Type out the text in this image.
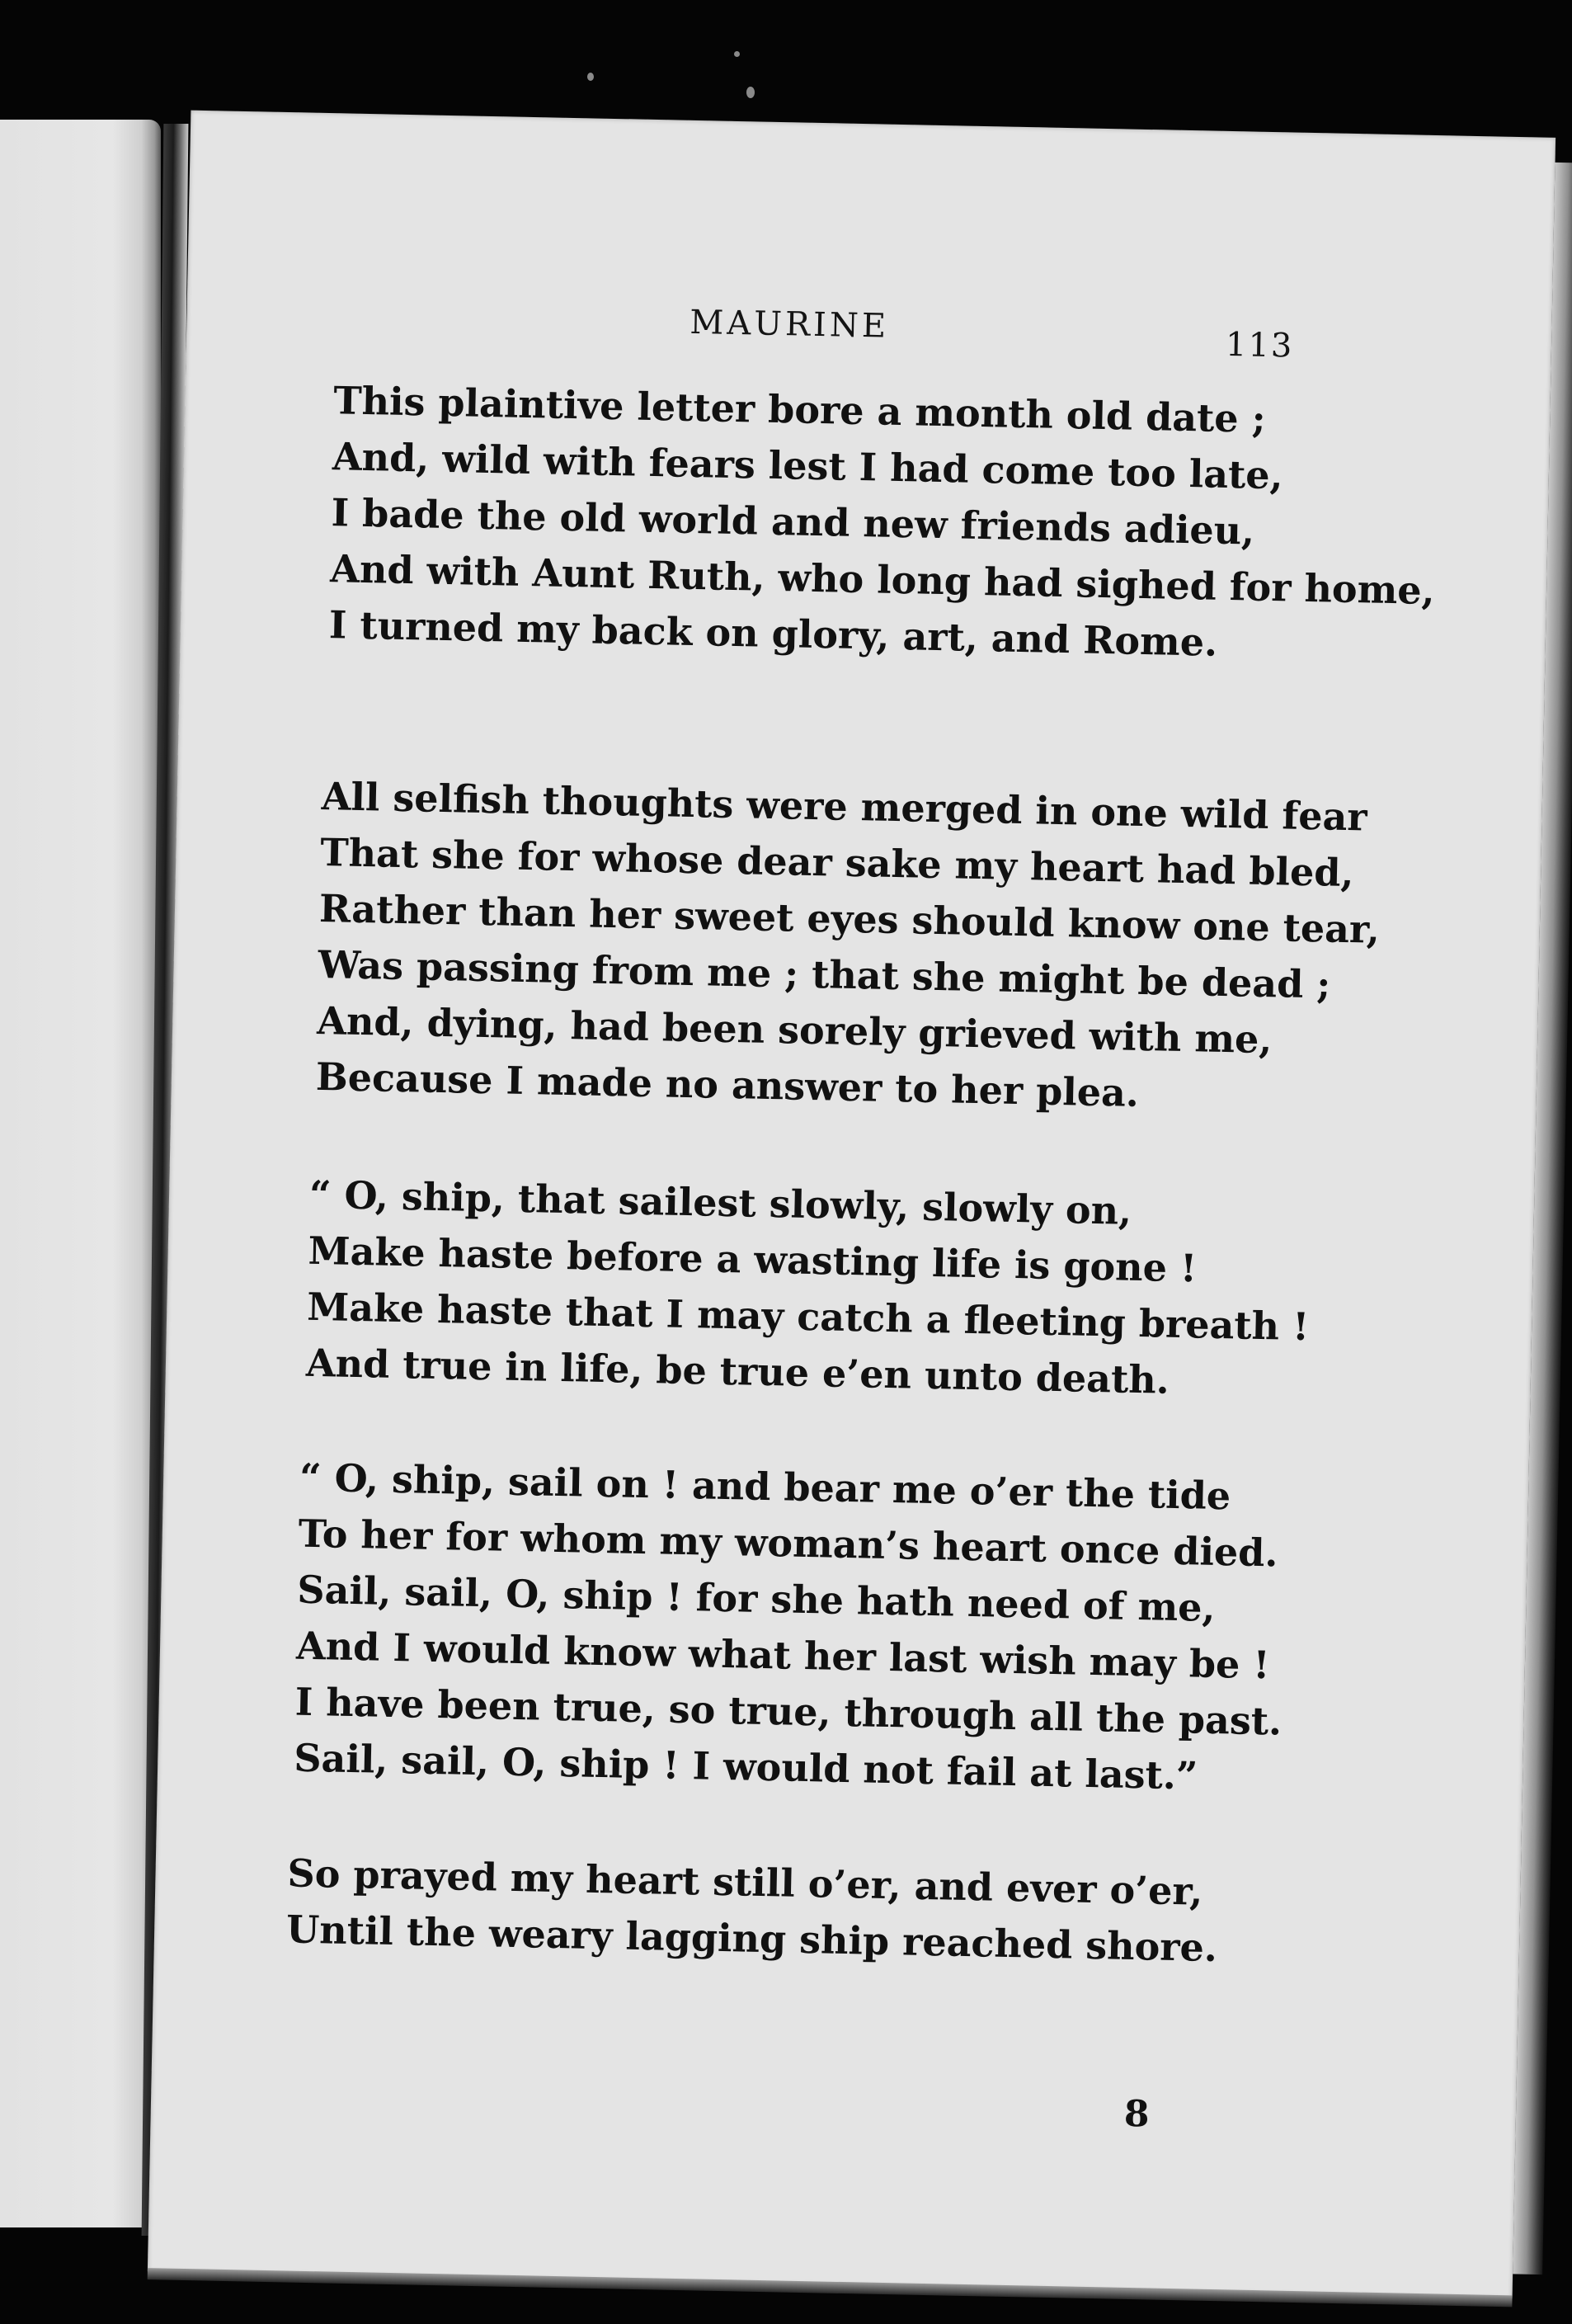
MAURINE
113
This plaintive letter bore a month old date ;
And, wild with fears lest I had come too late,
I bade the old world and new friends adieu,
And with Aunt Ruth, who long had sighed for home,
I turned my back on glory, art, and Rome.
All selfish thoughts were merged in one wild fear
That she for whose dear sake my heart had bled,
Rather than her sweet eyes should know one tear,
Was passing from me ; that she might be dead ;
And, dying, had been sorely grieved with me,
Because I made no answer to her plea.
“ O, ship, that sailest slowly, slowly on,
Make haste before a wasting life is gone !
Make haste that I may catch a fleeting breath !
And true in life, be true e’en unto death.
“ O, ship, sail on ! and bear me o’er the tide
To her for whom my woman’s heart once died.
Sail, sail, O, ship ! for she hath need of me,
And I would know what her last wish may be !
I have been true, so true, through all the past.
Sail, sail, O, ship ! I would not fail at last.”
So prayed my heart still o’er, and ever o’er,
Until the weary lagging ship reached shore.
8
